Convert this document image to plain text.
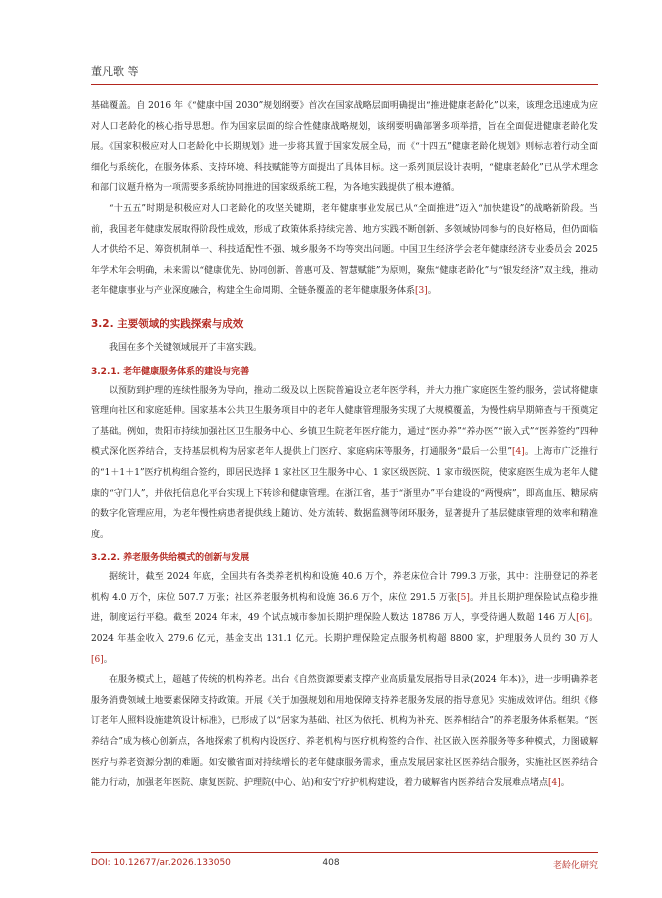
董凡歌 等

基础覆盖。自 2016 年《“健康中国 2030”规划纲要》首次在国家战略层面明确提出“推进健康老龄化”以来，该理念迅速成为应对人口老龄化的核心指导思想。作为国家层面的综合性健康战略规划，该纲要明确部署多项举措，旨在全面促进健康老龄化发展。《国家积极应对人口老龄化中长期规划》进一步将其置于国家发展全局，而《“十四五”健康老龄化规划》则标志着行动全面细化与系统化，在服务体系、支持环境、科技赋能等方面提出了具体目标。这一系列顶层设计表明，“健康老龄化”已从学术理念和部门议题升格为一项需要多系统协同推进的国家级系统工程，为各地实践提供了根本遵循。

“十五五”时期是积极应对人口老龄化的攻坚关键期，老年健康事业发展已从“全面推进”迈入“加快建设”的战略新阶段。当前，我国老年健康发展取得阶段性成效，形成了政策体系持续完善、地方实践不断创新、多领域协同参与的良好格局，但仍面临人才供给不足、筹资机制单一、科技适配性不强、城乡服务不均等突出问题。中国卫生经济学会老年健康经济专业委员会 2025 年学术年会明确，未来需以“健康优先、协同创新、普惠可及、智慧赋能”为原则，聚焦“健康老龄化”与“银发经济”双主线，推动老年健康事业与产业深度融合，构建全生命周期、全链条覆盖的老年健康服务体系[3]。

3.2. 主要领域的实践探索与成效

我国在多个关键领域展开了丰富实践。

3.2.1. 老年健康服务体系的建设与完善

以预防到护理的连续性服务为导向，推动二级及以上医院普遍设立老年医学科，并大力推广家庭医生签约服务，尝试将健康管理向社区和家庭延伸。国家基本公共卫生服务项目中的老年人健康管理服务实现了大规模覆盖，为慢性病早期筛查与干预奠定了基础。例如，贵阳市持续加强社区卫生服务中心、乡镇卫生院老年医疗能力，通过“医办养”“养办医”“嵌入式”“医养签约”四种模式深化医养结合，支持基层机构为居家老年人提供上门医疗、家庭病床等服务，打通服务“最后一公里”[4]。上海市广泛推行的“1＋1＋1”医疗机构组合签约，即居民选择 1 家社区卫生服务中心、1 家区级医院、1 家市级医院，使家庭医生成为老年人健康的“守门人”，并依托信息化平台实现上下转诊和健康管理。在浙江省，基于“浙里办”平台建设的“两慢病”，即高血压、糖尿病的数字化管理应用，为老年慢性病患者提供线上随访、处方流转、数据监测等闭环服务，显著提升了基层健康管理的效率和精准度。

3.2.2. 养老服务供给模式的创新与发展

据统计，截至 2024 年底，全国共有各类养老机构和设施 40.6 万个，养老床位合计 799.3 万张，其中：注册登记的养老机构 4.0 万个，床位 507.7 万张；社区养老服务机构和设施 36.6 万个，床位 291.5 万张[5]。并且长期护理保险试点稳步推进，制度运行平稳。截至 2024 年末，49 个试点城市参加长期护理保险人数达 18786 万人，享受待遇人数超 146 万人[6]。2024 年基金收入 279.6 亿元，基金支出 131.1 亿元。长期护理保险定点服务机构超 8800 家，护理服务人员约 30 万人[6]。

在服务模式上，超越了传统的机构养老。出台《自然资源要素支撑产业高质量发展指导目录(2024 年本)》，进一步明确养老服务消费领域土地要素保障支持政策。开展《关于加强规划和用地保障支持养老服务发展的指导意见》实施成效评估。组织《修订老年人照料设施建筑设计标准》，已形成了以“居家为基础、社区为依托、机构为补充、医养相结合”的养老服务体系框架。“医养结合”成为核心创新点，各地探索了机构内设医疗、养老机构与医疗机构签约合作、社区嵌入医养服务等多种模式，力图破解医疗与养老资源分割的难题。如安徽省面对持续增长的老年健康服务需求，重点发展居家社区医养结合服务，实施社区医养结合能力行动，加强老年医院、康复医院、护理院(中心、站)和安宁疗护机构建设，着力破解省内医养结合发展难点堵点[4]。

DOI: 10.12677/ar.2026.133050	408	老龄化研究
